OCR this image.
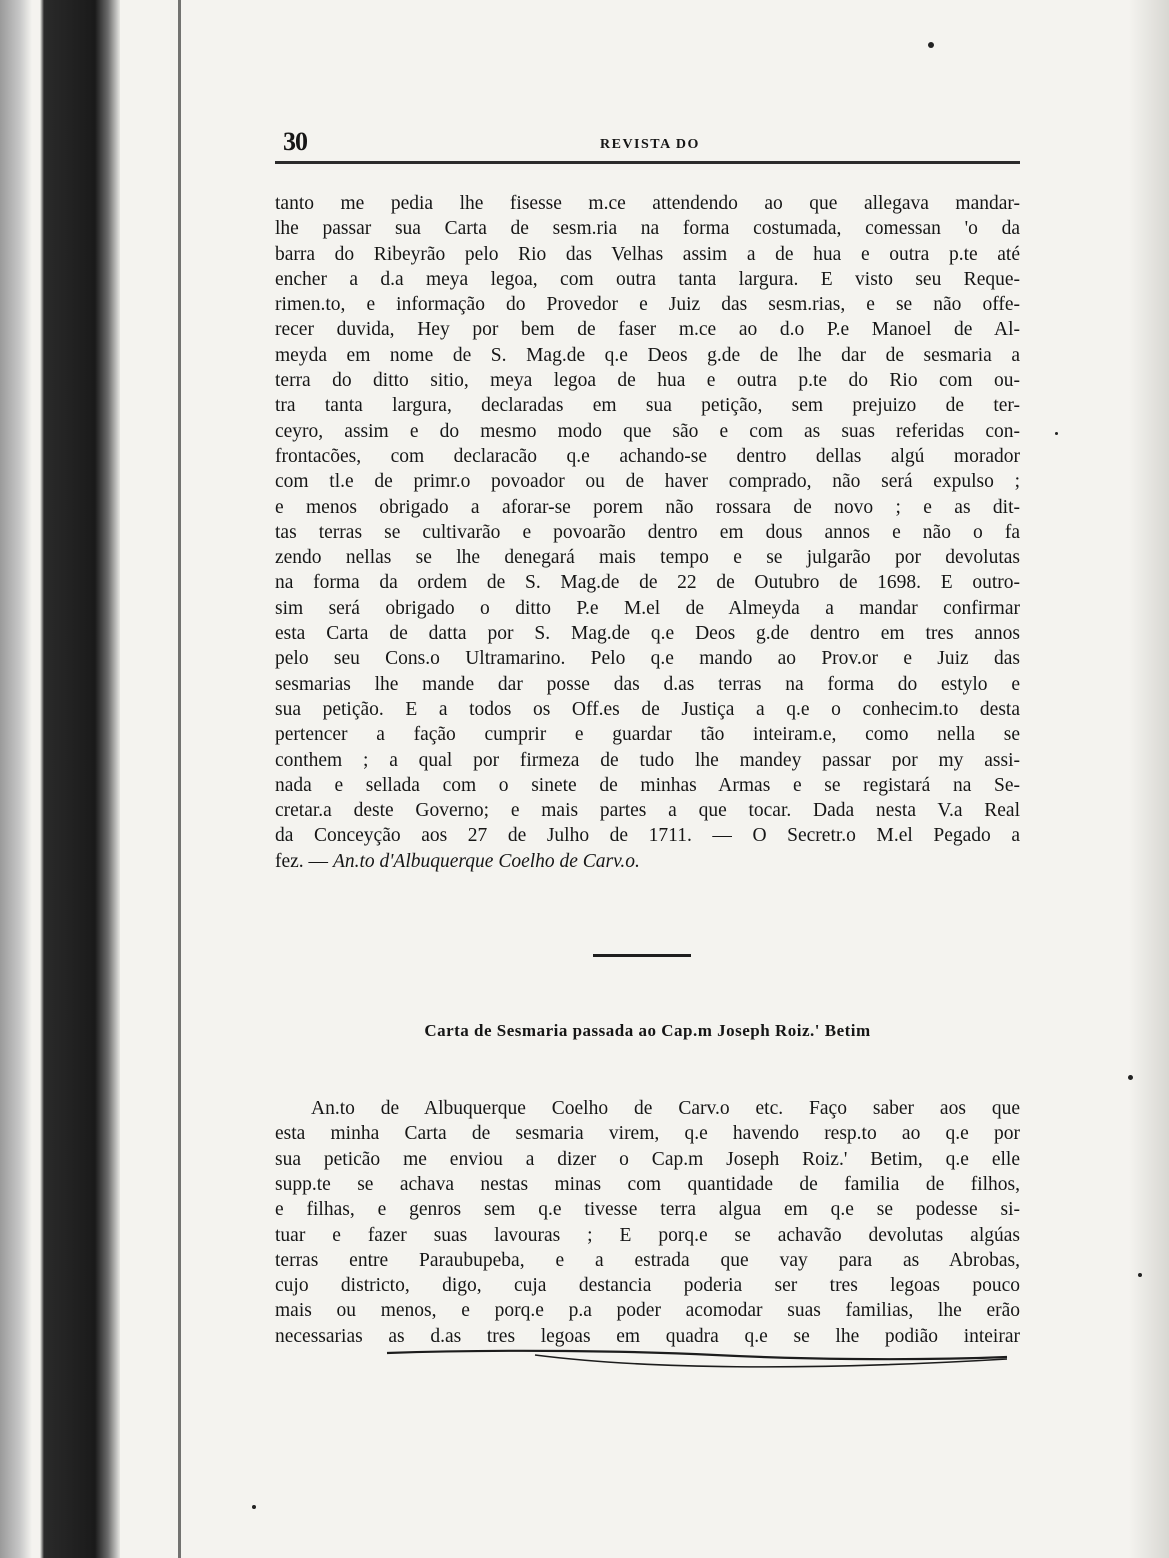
30	REVISTA DO
tanto me pedia lhe fisesse m.ce attendendo ao que allegava mandar-
lhe passar sua Carta de sesm.ria na forma costumada, comessan 'o da
barra do Ribeyrão pelo Rio das Velhas assim a de hua e outra p.te até
encher a d.a meya legoa, com outra tanta largura. E visto seu Reque-
rimen.to, e informação do Provedor e Juiz das sesm.rias, e se não offe-
recer duvida, Hey por bem de faser m.ce ao d.o P.e Manoel de Al-
meyda em nome de S. Mag.de q.e Deos g.de de lhe dar de sesmaria a
terra do ditto sitio, meya legoa de hua e outra p.te do Rio com ou-
tra tanta largura, declaradas em sua petição, sem prejuizo de ter-
ceyro, assim e do mesmo modo que são e com as suas referidas con-
frontacões, com declaracão q.e achando-se dentro dellas algú morador
com tl.e de primr.o povoador ou de haver comprado, não será expulso ;
e menos obrigado a aforar-se porem não rossara de novo ; e as dit-
tas terras se cultivarão e povoarão dentro em dous annos e não o fa
zendo nellas se lhe denegará mais tempo e se julgarão por devolutas
na forma da ordem de S. Mag.de de 22 de Outubro de 1698. E outro-
sim será obrigado o ditto P.e M.el de Almeyda a mandar confirmar
esta Carta de datta por S. Mag.de q.e Deos g.de dentro em tres annos
pelo seu Cons.o Ultramarino. Pelo q.e mando ao Prov.or e Juiz das
sesmarias lhe mande dar posse das d.as terras na forma do estylo e
sua petição. E a todos os Off.es de Justiça a q.e o conhecim.to desta
pertencer a fação cumprir e guardar tão inteiram.e, como nella se
conthem ; a qual por firmeza de tudo lhe mandey passar por my assi-
nada e sellada com o sinete de minhas Armas e se registará na Se-
cretar.a deste Governo; e mais partes a que tocar. Dada nesta V.a Real
da Conceyção aos 27 de Julho de 1711. — O Secretr.o M.el Pegado a
fez. — An.to d'Albuquerque Coelho de Carv.o.
Carta de Sesmaria passada ao Cap.m Joseph Roiz.' Betim
An.to de Albuquerque Coelho de Carv.o etc. Faço saber aos que
esta minha Carta de sesmaria virem, q.e havendo resp.to ao q.e por
sua peticão me enviou a dizer o Cap.m Joseph Roiz.' Betim, q.e elle
supp.te se achava nestas minas com quantidade de familia de filhos,
e filhas, e genros sem q.e tivesse terra algua em q.e se podesse si-
tuar e fazer suas lavouras ; E porq.e se achavão devolutas algúas
terras entre Paraubupeba, e a estrada que vay para as Abrobas,
cujo districto, digo, cuja destancia poderia ser tres legoas pouco
mais ou menos, e porq.e p.a poder acomodar suas familias, lhe erão
necessarias as d.as tres legoas em quadra q.e se lhe podião inteirar
